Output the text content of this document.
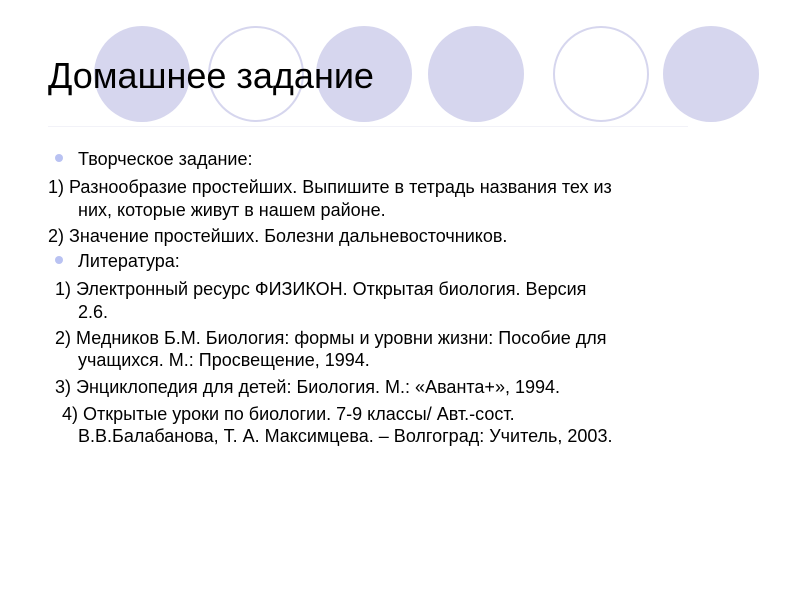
Домашнее задание
Творческое задание:
1) Разнообразие простейших. Выпишите в тетрадь названия тех из
них, которые живут в нашем районе.
2) Значение простейших. Болезни дальневосточников.
Литература:
1) Электронный ресурс ФИЗИКОН. Открытая биология. Версия
2.6.
2) Медников Б.М. Биология: формы и уровни жизни: Пособие для
учащихся. М.: Просвещение, 1994.
3) Энциклопедия для детей: Биология. М.: «Аванта+», 1994.
4) Открытые уроки по биологии. 7-9 классы/ Авт.-сост.
В.В.Балабанова, Т. А. Максимцева. – Волгоград: Учитель, 2003.
